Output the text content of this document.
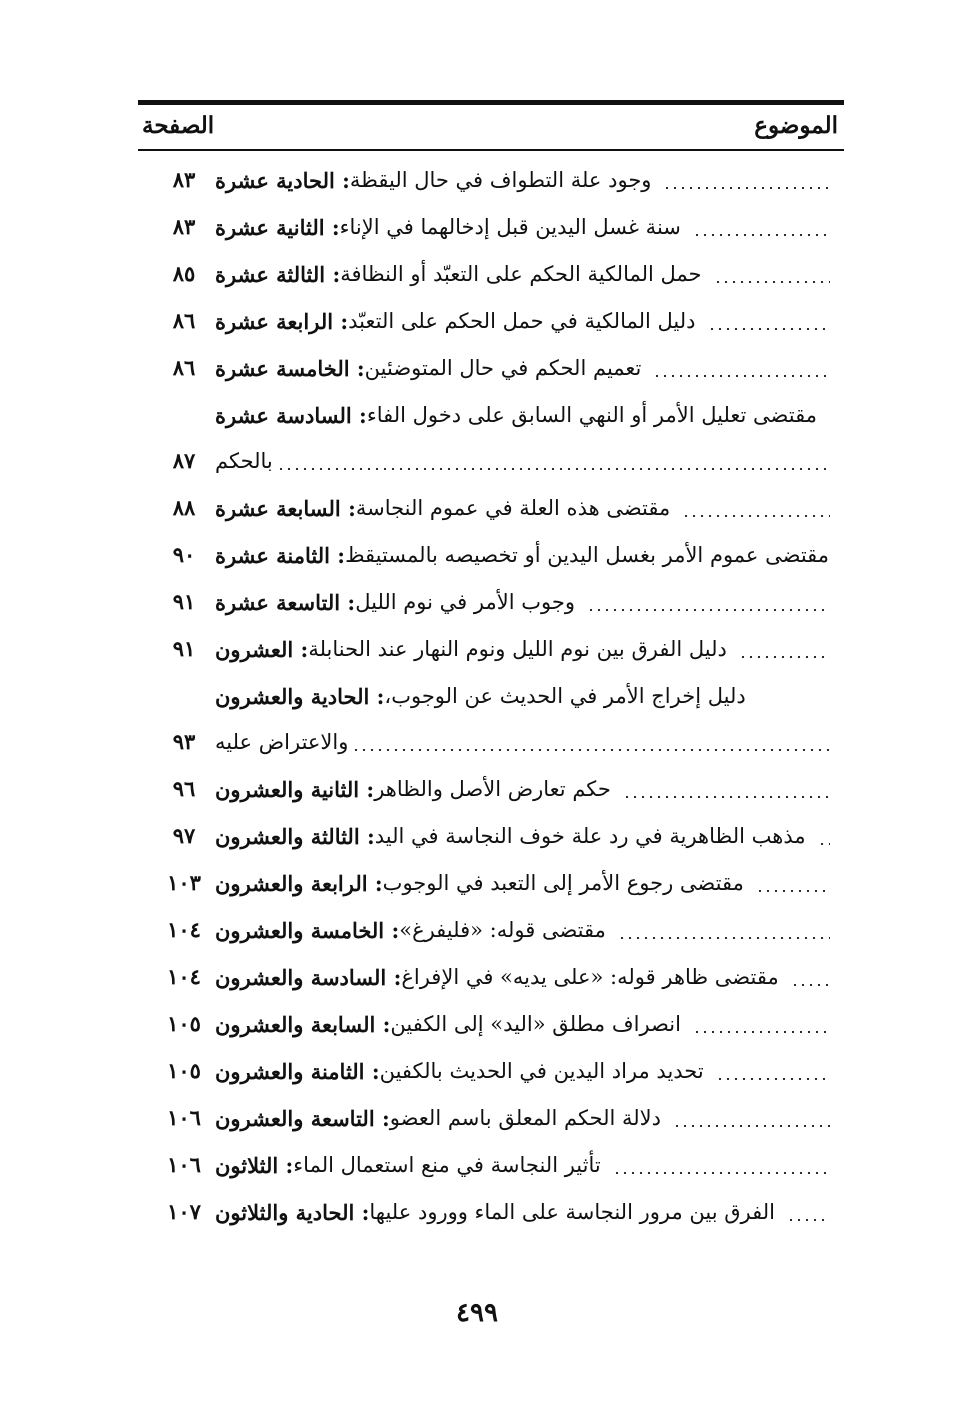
الموضوع
الصفحة
الحادية عشرة : وجود علة التطواف في حال اليقظة
٨٣
الثانية عشرة : سنة غسل اليدين قبل إدخالهما في الإناء
٨٣
الثالثة عشرة : حمل المالكية الحكم على التعبّد أو النظافة
٨٥
الرابعة عشرة : دليل المالكية في حمل الحكم على التعبّد
٨٦
الخامسة عشرة : تعميم الحكم في حال المتوضئين
٨٦
السادسة عشرة : مقتضى تعليل الأمر أو النهي السابق على دخول الفاء
بالحكم
٨٧
السابعة عشرة : مقتضى هذه العلة في عموم النجاسة
٨٨
الثامنة عشرة : مقتضى عموم الأمر بغسل اليدين أو تخصيصه بالمستيقظ
٩٠
التاسعة عشرة : وجوب الأمر في نوم الليل
٩١
العشرون : دليل الفرق بين نوم الليل ونوم النهار عند الحنابلة
٩١
الحادية والعشرون : دليل إخراج الأمر في الحديث عن الوجوب،
والاعتراض عليه
٩٣
الثانية والعشرون : حكم تعارض الأصل والظاهر
٩٦
الثالثة والعشرون : مذهب الظاهرية في رد علة خوف النجاسة في اليد
٩٧
الرابعة والعشرون : مقتضى رجوع الأمر إلى التعبد في الوجوب
١٠٣
الخامسة والعشرون : مقتضى قوله: «فليفرغ»
١٠٤
السادسة والعشرون : مقتضى ظاهر قوله: «على يديه» في الإفراغ
١٠٤
السابعة والعشرون : انصراف مطلق «اليد» إلى الكفين
١٠٥
الثامنة والعشرون : تحديد مراد اليدين في الحديث بالكفين
١٠٥
التاسعة والعشرون : دلالة الحكم المعلق باسم العضو
١٠٦
الثلاثون : تأثير النجاسة في منع استعمال الماء
١٠٦
الحادية والثلاثون : الفرق بين مرور النجاسة على الماء وورود عليها
١٠٧
٤٩٩
